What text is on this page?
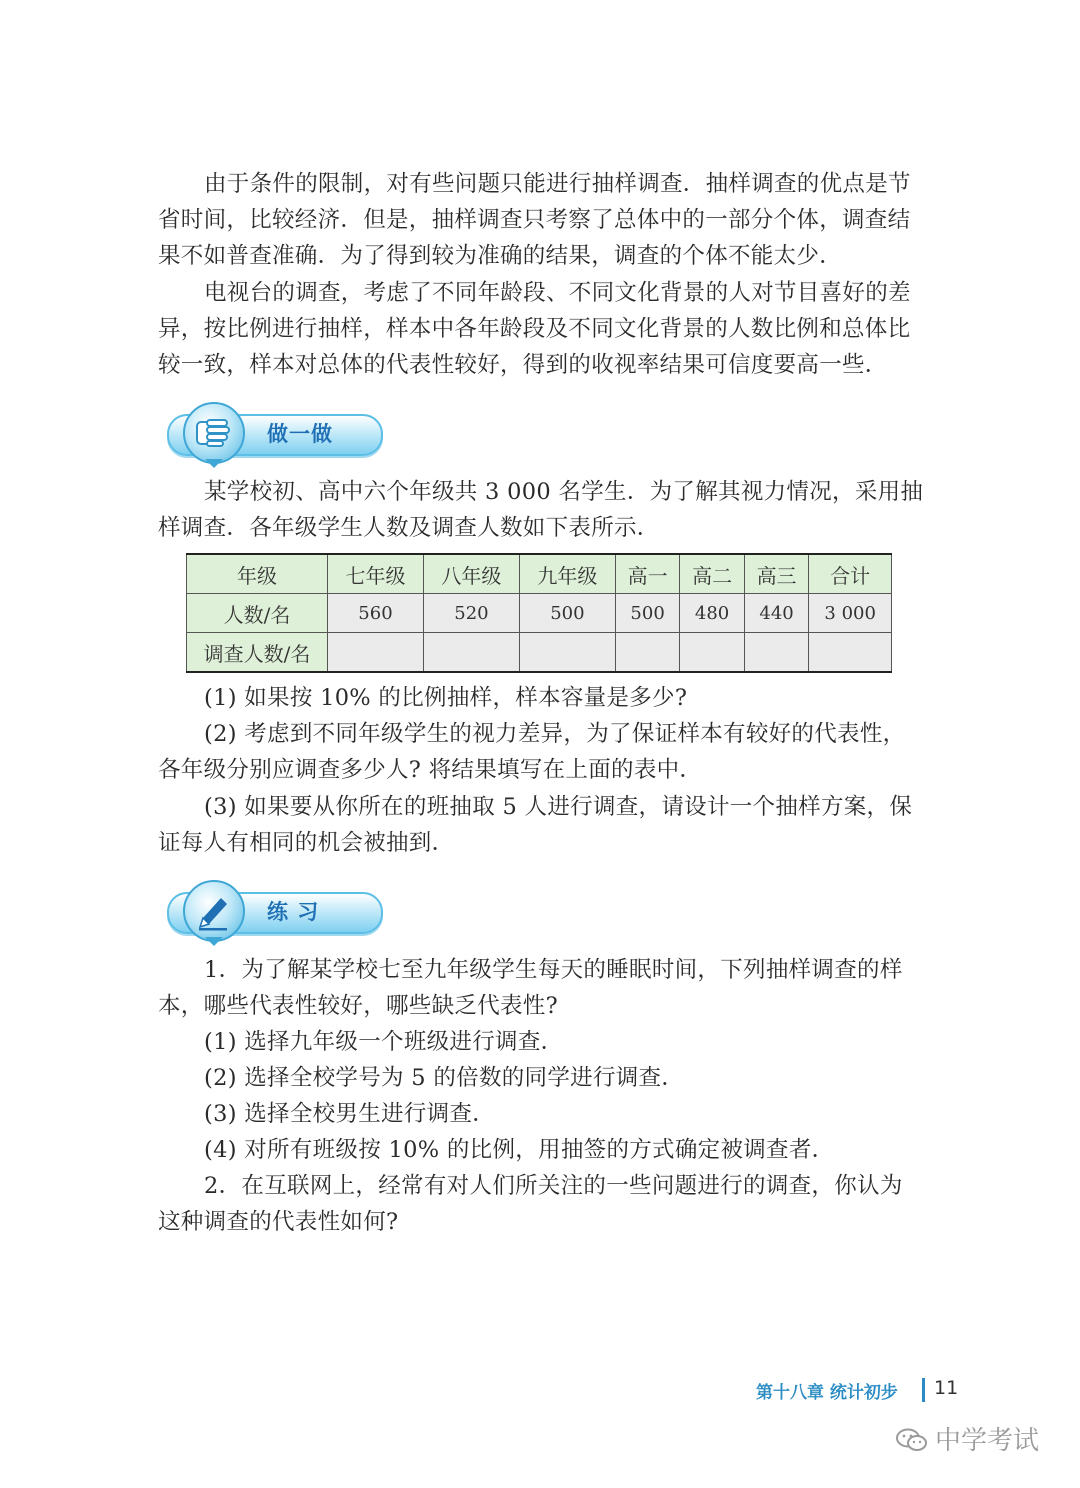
由于条件的限制，对有些问题只能进行抽样调查．抽样调查的优点是节
省时间，比较经济．但是，抽样调查只考察了总体中的一部分个体，调查结
果不如普查准确．为了得到较为准确的结果，调查的个体不能太少．
电视台的调查，考虑了不同年龄段、不同文化背景的人对节目喜好的差
异，按比例进行抽样，样本中各年龄段及不同文化背景的人数比例和总体比
较一致，样本对总体的代表性较好，得到的收视率结果可信度要高一些．
做一做
某学校初、高中六个年级共 3 000 名学生．为了解其视力情况，采用抽
样调查．各年级学生人数及调查人数如下表所示．
年级	七年级	八年级	九年级	高一	高二	高三	合计
人数/名	560	520	500	500	480	440	3 000
调查人数/名							
(1) 如果按 10% 的比例抽样，样本容量是多少?
(2) 考虑到不同年级学生的视力差异，为了保证样本有较好的代表性，
各年级分别应调查多少人? 将结果填写在上面的表中．
(3) 如果要从你所在的班抽取 5 人进行调查，请设计一个抽样方案，保
证每人有相同的机会被抽到．
练 习
1．为了解某学校七至九年级学生每天的睡眠时间，下列抽样调查的样
本，哪些代表性较好，哪些缺乏代表性?
(1) 选择九年级一个班级进行调查．
(2) 选择全校学号为 5 的倍数的同学进行调查．
(3) 选择全校男生进行调查．
(4) 对所有班级按 10% 的比例，用抽签的方式确定被调查者．
2．在互联网上，经常有对人们所关注的一些问题进行的调查，你认为
这种调查的代表性如何?
第十八章 统计初步 11
中学考试
